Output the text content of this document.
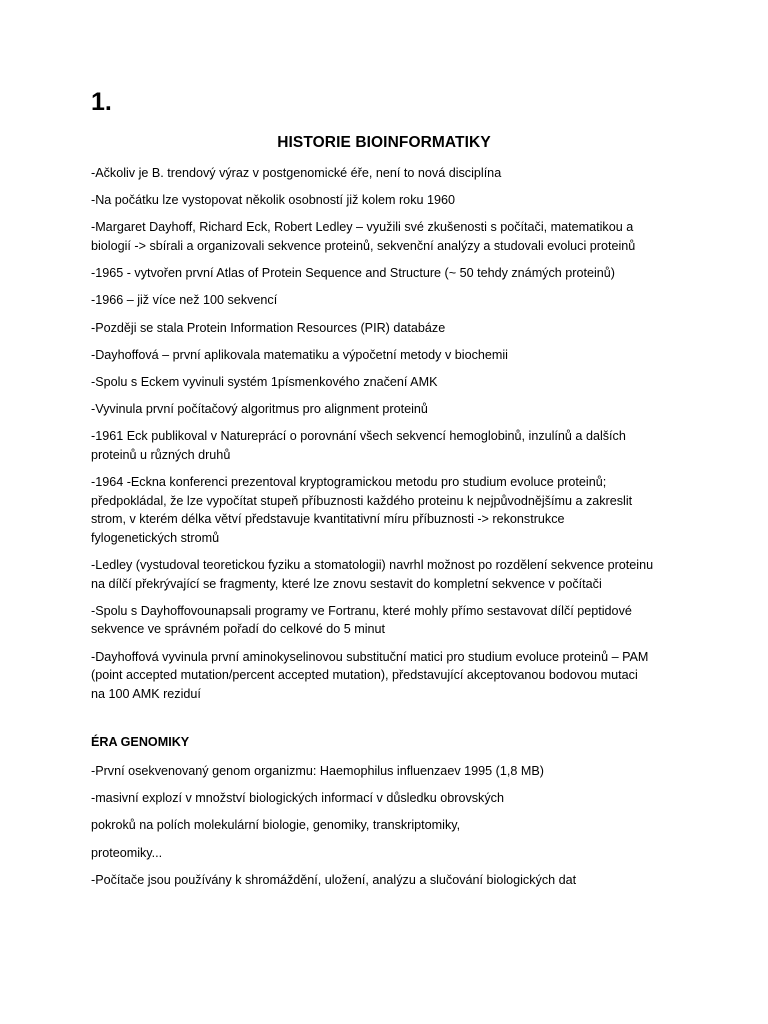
1.
HISTORIE BIOINFORMATIKY

-Ačkoliv je B. trendový výraz v postgenomické éře, není to nová disciplína

-Na počátku lze vystopovat několik osobností již kolem roku 1960

-Margaret Dayhoff, Richard Eck, Robert Ledley – využili své zkušenosti s počítači, matematikou a
biologií -> sbírali a organizovali sekvence proteinů, sekvenční analýzy a studovali evoluci proteinů

-1965 - vytvořen první Atlas of Protein Sequence and Structure (~ 50 tehdy známých proteinů)

-1966 – již více než 100 sekvencí

-Později se stala Protein Information Resources (PIR) databáze

-Dayhoffová – první aplikovala matematiku a výpočetní metody v biochemii

-Spolu s Eckem vyvinuli systém 1písmenkového značení AMK

-Vyvinula první počítačový algoritmus pro alignment proteinů

-1961 Eck publikoval v Natureprácí o porovnání všech sekvencí hemoglobinů, inzulínů a dalších
proteinů u různých druhů

-1964 -Eckna konferenci prezentoval kryptogramickou metodu pro studium evoluce proteinů;
předpokládal, že lze vypočítat stupeň příbuznosti každého proteinu k nejpůvodnějšímu a zakreslit
strom, v kterém délka větví představuje kvantitativní míru příbuznosti -> rekonstrukce
fylogenetických stromů

-Ledley (vystudoval teoretickou fyziku a stomatologii) navrhl možnost po rozdělení sekvence proteinu
na dílčí překrývající se fragmenty, které lze znovu sestavit do kompletní sekvence v počítači

-Spolu s Dayhoffovounapsali programy ve Fortranu, které mohly přímo sestavovat dílčí peptidové
sekvence ve správném pořadí do celkové do 5 minut

-Dayhoffová vyvinula první aminokyselinovou substituční matici pro studium evoluce proteinů – PAM
(point accepted mutation/percent accepted mutation), představující akceptovanou bodovou mutaci
na 100 AMK reziduí

ÉRA GENOMIKY

-První osekvenovaný genom organizmu: Haemophilus influenzaev 1995 (1,8 MB)

-masivní explozí v množství biologických informací v důsledku obrovských

pokroků na polích molekulární biologie, genomiky, transkriptomiky,

proteomiky...

-Počítače jsou používány k shromáždění, uložení, analýzu a slučování biologických dat
